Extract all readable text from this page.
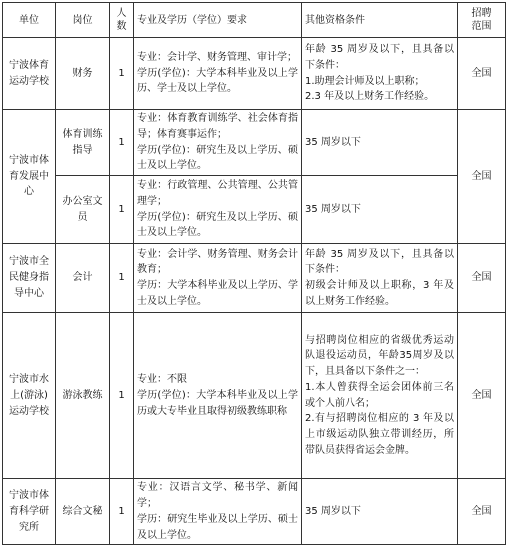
单位	岗位	人
数	专业及学历（学位）要求	其他资格条件	招聘
范围
宁波体育运动学校	财务	1	专业：会计学、财务管理、审计学；
学历(学位)：大学本科毕业及以上学历、学士及以上学位。	年龄 35 周岁及以下，且具备以下条件：
1.助理会计师及以上职称；
2.3 年及以上财务工作经验。	全国
宁波市体育发展中心	体育训练指导	1	专业：体育教育训练学、社会体育指导；体育赛事运作；
学历(学位)：研究生及以上学历、硕士及以上学位。	35 周岁以下	全国
	办公室文员	1	专业：行政管理、公共管理、公共管理学；
学历(学位)：研究生及以上学历、硕士及以上学位。	35 周岁以下	
宁波市全民健身指导中心	会计	1	专业：会计学、财务管理、财务会计教育；
学历：大学本科毕业及以上学历、学士及以上学位。	年龄 35 周岁及以下，且具备以下条件：
初级会计师及以上职称，3 年及以上财务工作经验。	全国
宁波市水上(游泳)运动学校	游泳教练	1	专业：不限
学历(学位)：大学本科毕业及以上学历或大专毕业且取得初级教练职称	与招聘岗位相应的省级优秀运动队退役运动员，年龄35周岁及以下，且具备以下条件之一：
1.本人曾获得全运会团体前三名或个人前八名；
2.有与招聘岗位相应的 3 年及以上市级运动队独立带训经历，所带队员获得省运会金牌。	全国
宁波市体育科学研究所	综合文秘	1	专业：汉语言文学、秘书学、新闻学；
学历：研究生毕业及以上学历、硕士及以上学位。	35 周岁以下	全国
